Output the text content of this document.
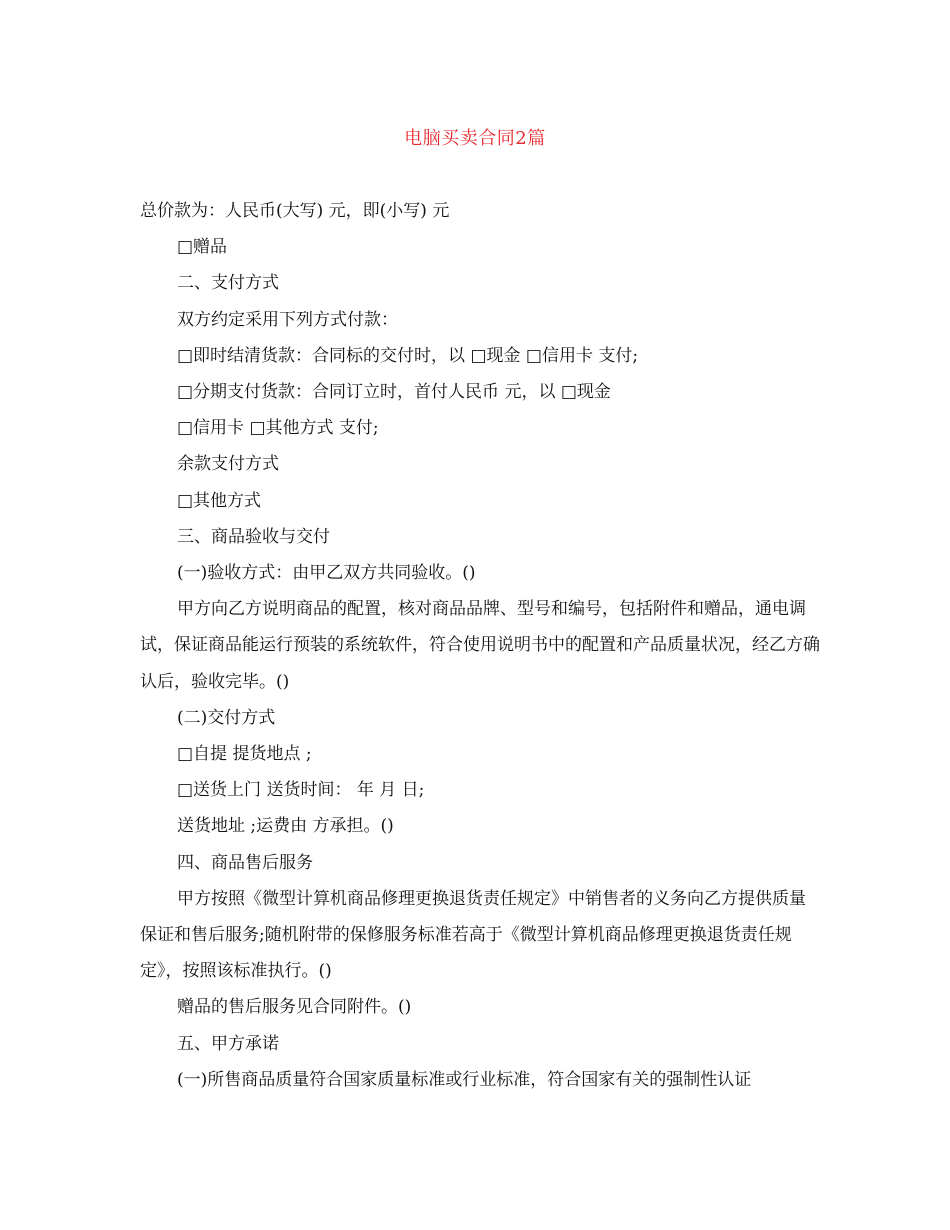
电脑买卖合同2篇

总价款为：人民币(大写) 元，即(小写) 元

□赠品

二、支付方式

双方约定采用下列方式付款：

□即时结清货款：合同标的交付时，以 □现金 □信用卡 支付;

□分期支付货款：合同订立时，首付人民币 元，以 □现金

□信用卡 □其他方式 支付;

余款支付方式

□其他方式

三、商品验收与交付

(一)验收方式：由甲乙双方共同验收。()

甲方向乙方说明商品的配置，核对商品品牌、型号和编号，包括附件和赠品，通电调试，保证商品能运行预装的系统软件，符合使用说明书中的配置和产品质量状况，经乙方确认后，验收完毕。()

(二)交付方式

□自提 提货地点 ;

□送货上门 送货时间： 年 月 日;

送货地址 ;运费由 方承担。()

四、商品售后服务

甲方按照《微型计算机商品修理更换退货责任规定》中销售者的义务向乙方提供质量保证和售后服务;随机附带的保修服务标准若高于《微型计算机商品修理更换退货责任规定》，按照该标准执行。()

赠品的售后服务见合同附件。()

五、甲方承诺

(一)所售商品质量符合国家质量标准或行业标准，符合国家有关的强制性认证
